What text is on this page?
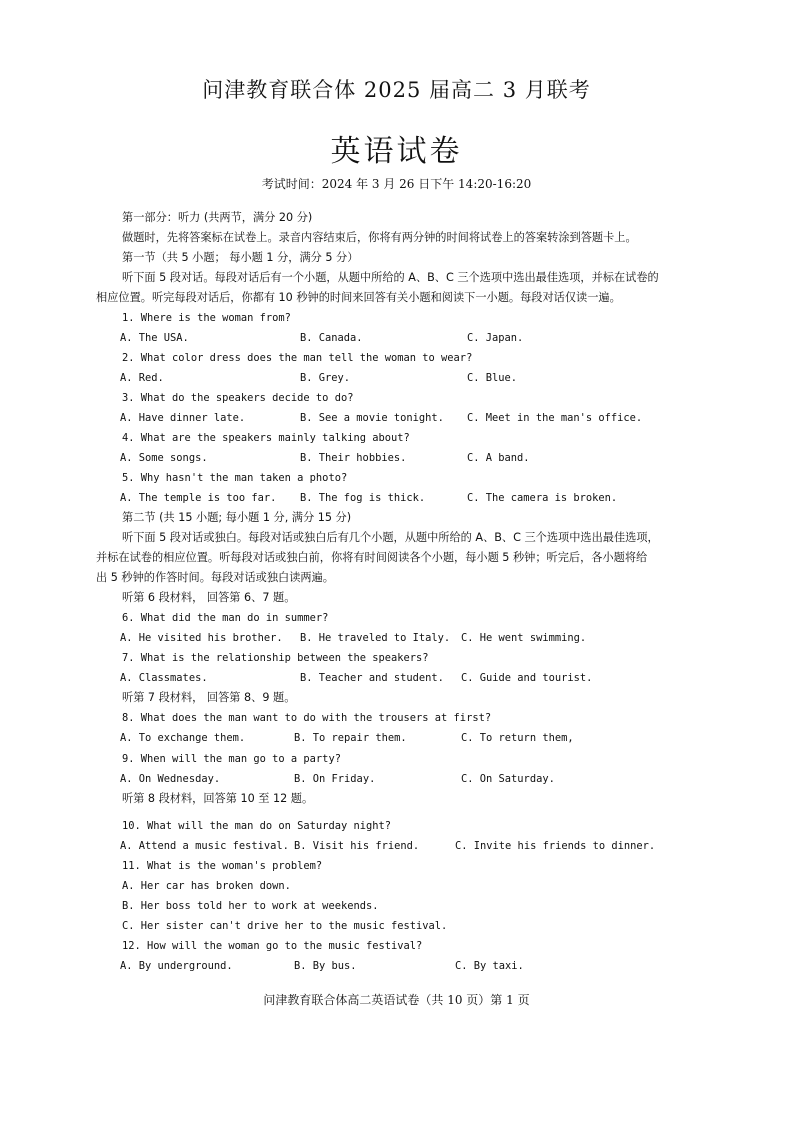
问津教育联合体 2025 届高二 3 月联考
英语试卷
考试时间：2024 年 3 月 26 日下午 14:20-16:20
第一部分：听力 (共两节，满分 20 分)
做题时，先将答案标在试卷上。录音内容结束后，你将有两分钟的时间将试卷上的答案转涂到答题卡上。
第一节（共 5 小题； 每小题 1 分，满分 5 分）
听下面 5 段对话。每段对话后有一个小题，从题中所给的 A、B、C 三个选项中选出最佳选项，并标在试卷的
相应位置。听完每段对话后，你都有 10 秒钟的时间来回答有关小题和阅读下一小题。每段对话仅读一遍。
1. Where is the woman from?
A. The USA.	B. Canada.	C. Japan.
2. What color dress does the man tell the woman to wear?
A. Red.	B. Grey.	C. Blue.
3. What do the speakers decide to do?
A. Have dinner late.	B. See a movie tonight. C. Meet in the man's office.
4. What are the speakers mainly talking about?
A. Some songs.	B. Their hobbies.	C. A band.
5. Why hasn't the man taken a photo?
A. The temple is too far. B. The fog is thick.	C. The camera is broken.
第二节 (共 15 小题; 每小题 1 分, 满分 15 分)
听下面 5 段对话或独白。每段对话或独白后有几个小题，从题中所给的 A、B、C 三个选项中选出最佳选项，
并标在试卷的相应位置。听每段对话或独白前，你将有时间阅读各个小题，每小题 5 秒钟；听完后，各小题将给
出 5 秒钟的作答时间。每段对话或独白读两遍。
听第 6 段材料， 回答第 6、7 题。
6. What did the man do in summer?
A. He visited his brother. B. He traveled to Italy. C. He went swimming.
7. What is the relationship between the speakers?
A. Classmates.	B. Teacher and student. C. Guide and tourist.
听第 7 段材料， 回答第 8、9 题。
8. What does the man want to do with the trousers at first?
A. To exchange them.	B. To repair them.	C. To return them,
9. When will the man go to a party?
A. On Wednesday.	B. On Friday.	C. On Saturday.
听第 8 段材料，回答第 10 至 12 题。
10. What will the man do on Saturday night?
A. Attend a music festival. B. Visit his friend.	C. Invite his friends to dinner.
11. What is the woman's problem?
A. Her car has broken down.
B. Her boss told her to work at weekends.
C. Her sister can't drive her to the music festival.
12. How will the woman go to the music festival?
A. By underground.	B. By bus.	C. By taxi.
问津教育联合体高二英语试卷（共 10 页）第 1 页
